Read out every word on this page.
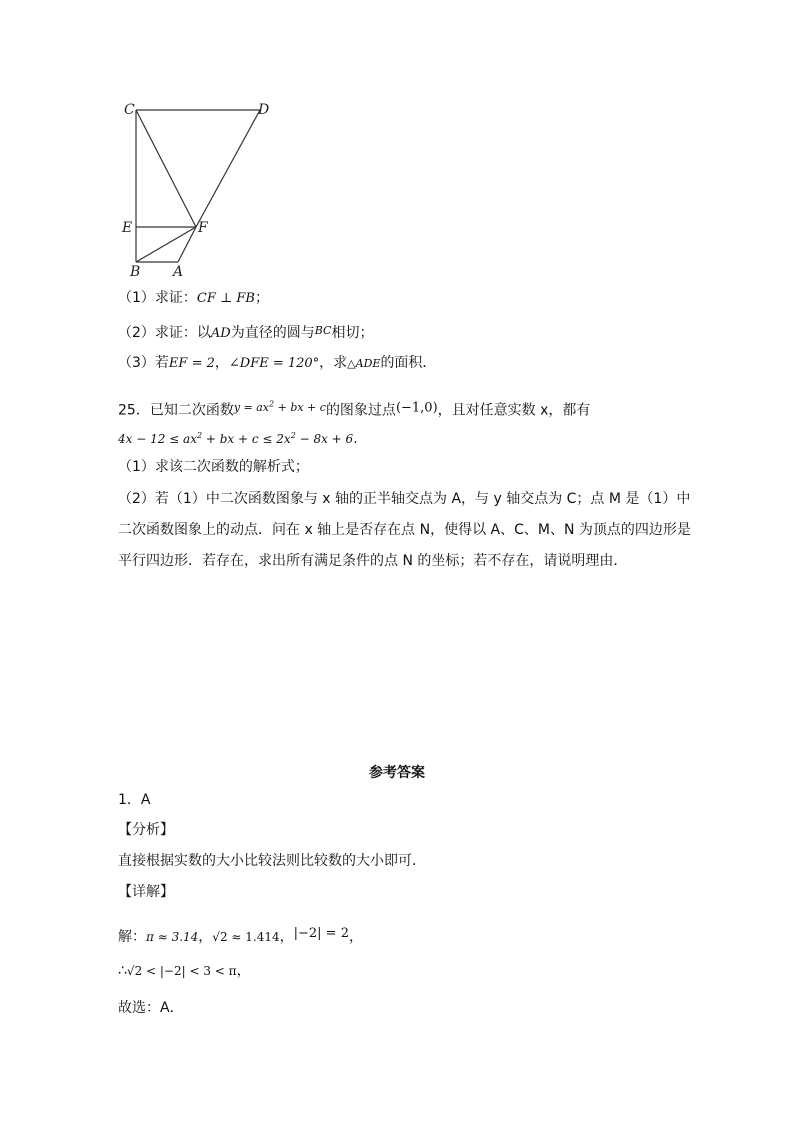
C	D
E	F
B A
（1）求证：CF ⊥ FB；
（2）求证：以AD为直径的圆与$^{BC}$相切；
（3）若EF = 2，∠DFE = 120°，求△ADE的面积．
25．已知二次函数$^{y = ax^2 + bx + c}$的图象过点(−1,0)，且对任意实数 x，都有
$4x - 12 \le ax^2$ + bx + $c \le 2x^2 - 8x + 6$.
（1）求该二次函数的解析式；
（2）若（1）中二次函数图象与 x 轴的正半轴交点为 A，与 y 轴交点为 C；点 M 是（1）中
二次函数图象上的动点．问在 x 轴上是否存在点 N，使得以 A、C、M、N 为顶点的四边形是
平行四边形．若存在，求出所有满足条件的点 N 的坐标；若不存在，请说明理由．
参考答案
1．A
【分析】
直接根据实数的大小比较法则比较数的大小即可．
【详解】
解：π ≈ 3.14，√2 ≈ 1.414，|−2| = 2，
∴√2 < |−2| < 3 < π，
故选：A．
